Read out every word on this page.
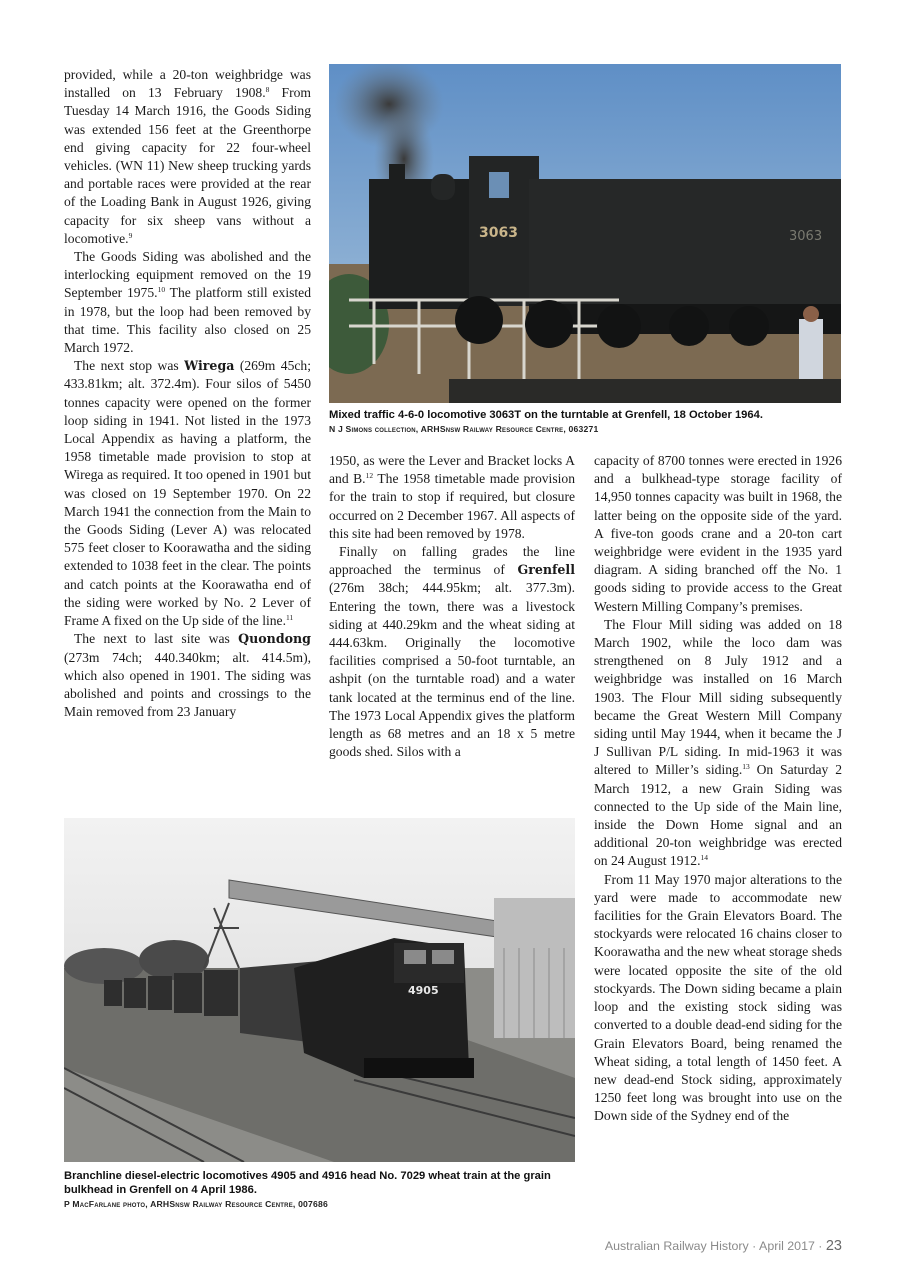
provided, while a 20-ton weighbridge was installed on 13 February 1908.$^8$ From Tuesday 14 March 1916, the Goods Siding was extended 156 feet at the Greenthorpe end giving capacity for 22 four-wheel vehicles. (WN 11) New sheep trucking yards and portable races were provided at the rear of the Loading Bank in August 1926, giving capacity for six sheep vans without a locomotive.$^9$

The Goods Siding was abolished and the interlocking equipment removed on the 19 September 1975.10 The platform still existed in 1978, but the loop had been removed by that time. This facility also closed on 25 March 1972.

The next stop was Wirega (269m 45ch; 433.81km; alt. 372.4m). Four silos of 5450 tonnes capacity were opened on the former loop siding in 1941. Not listed in the 1973 Local Appendix as having a platform, the 1958 timetable made provision to stop at Wirega as required. It too opened in 1901 but was closed on 19 September 1970. On 22 March 1941 the connection from the Main to the Goods Siding (Lever A) was relocated 575 feet closer to Koorawatha and the siding extended to 1038 feet in the clear. The points and catch points at the Koorawatha end of the siding were worked by No. 2 Lever of Frame A fixed on the Up side of the line.$^{11}$

The next to last site was Quondong (273m 74ch; 440.340km; alt. 414.5m), which also opened in 1901. The siding was abolished and points and crossings to the Main removed from 23 January

3063	3063
Mixed traffic 4-6-0 locomotive 3063T on the turntable at Grenfell, 18 October 1964.
N J Simons collection, ARHSnsw Railway Resource Centre, 063271

1950, as were the Lever and Bracket locks A and B.$^{12}$ The 1958 timetable made provision for the train to stop if required, but closure occurred on 2 December 1967. All aspects of this site had been removed by 1978.

Finally on falling grades the line approached the terminus of Grenfell (276m 38ch; 444.95km; alt. 377.3m). Entering the town, there was a livestock siding at 440.29km and the wheat siding at 444.63km. Originally the locomotive facilities comprised a 50-foot turntable, an ashpit (on the turntable road) and a water tank located at the terminus end of the line. The 1973 Local Appendix gives the platform length as 68 metres and an 18 x 5 metre goods shed. Silos with a

capacity of 8700 tonnes were erected in 1926 and a bulkhead-type storage facility of 14,950 tonnes capacity was built in 1968, the latter being on the opposite side of the yard. A five-ton goods crane and a 20-ton cart weighbridge were evident in the 1935 yard diagram. A siding branched off the No. 1 goods siding to provide access to the Great Western Milling Company’s premises.

The Flour Mill siding was added on 18 March 1902, while the loco dam was strengthened on 8 July 1912 and a weighbridge was installed on 16 March 1903. The Flour Mill siding subsequently became the Great Western Mill Company siding until May 1944, when it became the J J Sullivan P/L siding. In mid-1963 it was altered to Miller’s siding.$^{13}$ On Saturday 2 March 1912, a new Grain Siding was connected to the Up side of the Main line, inside the Down Home signal and an additional 20-ton weighbridge was erected on 24 August 1912.14

From 11 May 1970 major alterations to the yard were made to accommodate new facilities for the Grain Elevators Board. The stockyards were relocated 16 chains closer to Koorawatha and the new wheat storage sheds were located opposite the site of the old stockyards. The Down siding became a plain loop and the existing stock siding was converted to a double dead-end siding for the Grain Elevators Board, being renamed the Wheat siding, a total length of 1450 feet. A new dead-end Stock siding, approximately 1250 feet long was brought into use on the Down side of the Sydney end of the

4905
Branchline diesel-electric locomotives 4905 and 4916 head No. 7029 wheat train at the grain bulkhead in Grenfell on 4 April 1986.
P MacFarlane photo, ARHSnsw Railway Resource Centre, 007686
Australian Railway History · April 2017 · 23
